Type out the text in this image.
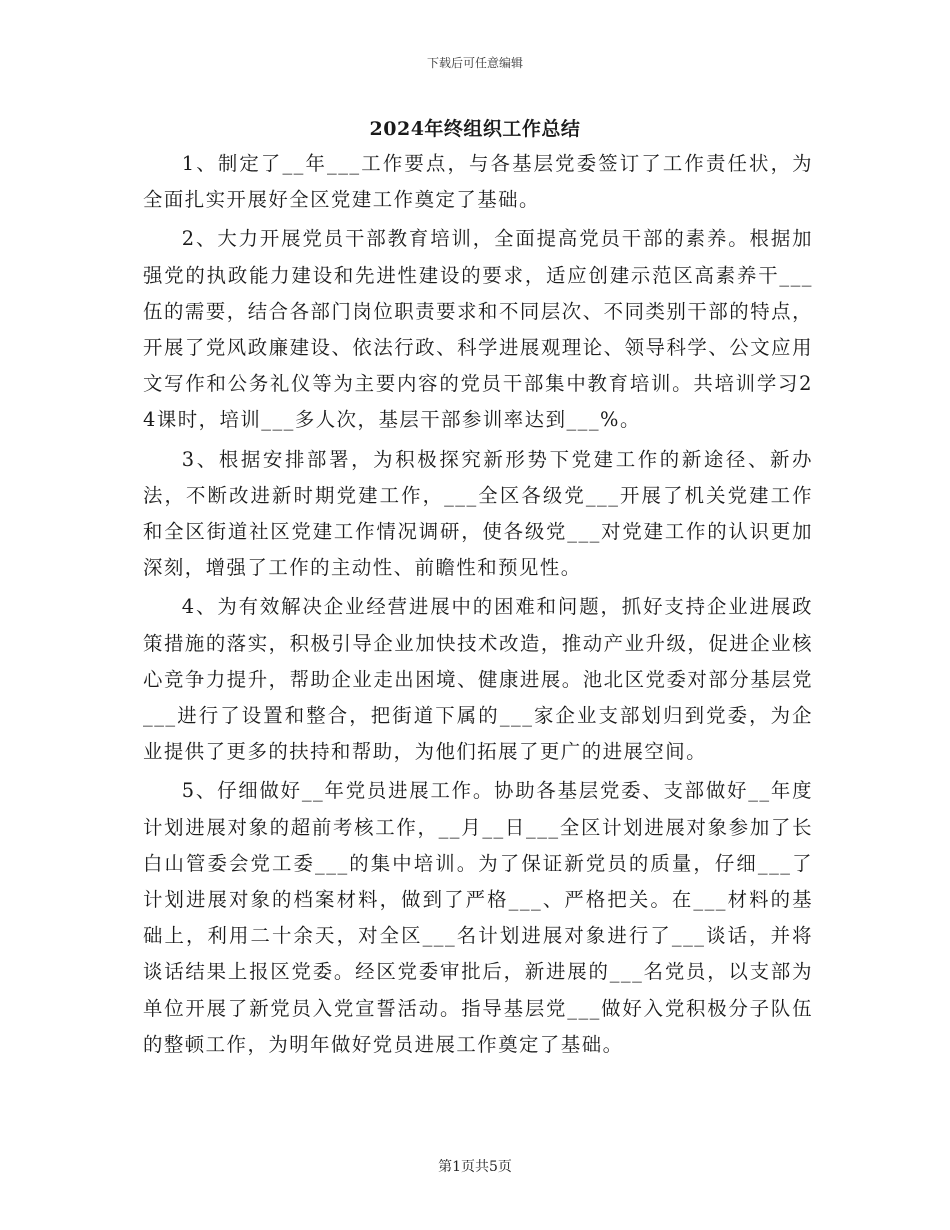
下载后可任意编辑
2024年终组织工作总结

1、制定了__年___工作要点，与各基层党委签订了工作责任状，为全面扎实开展好全区党建工作奠定了基础。

2、大力开展党员干部教育培训，全面提高党员干部的素养。根据加强党的执政能力建设和先进性建设的要求，适应创建示范区高素养干___伍的需要，结合各部门岗位职责要求和不同层次、不同类别干部的特点，开展了党风政廉建设、依法行政、科学进展观理论、领导科学、公文应用文写作和公务礼仪等为主要内容的党员干部集中教育培训。共培训学习24课时，培训___多人次，基层干部参训率达到___%。

3、根据安排部署，为积极探究新形势下党建工作的新途径、新办法，不断改进新时期党建工作，___全区各级党___开展了机关党建工作和全区街道社区党建工作情况调研，使各级党___对党建工作的认识更加深刻，增强了工作的主动性、前瞻性和预见性。

4、为有效解决企业经营进展中的困难和问题，抓好支持企业进展政策措施的落实，积极引导企业加快技术改造，推动产业升级，促进企业核心竞争力提升，帮助企业走出困境、健康进展。池北区党委对部分基层党___进行了设置和整合，把街道下属的___家企业支部划归到党委，为企业提供了更多的扶持和帮助，为他们拓展了更广的进展空间。

5、仔细做好__年党员进展工作。协助各基层党委、支部做好__年度计划进展对象的超前考核工作，__月__日___全区计划进展对象参加了长白山管委会党工委___的集中培训。为了保证新党员的质量，仔细___了计划进展对象的档案材料，做到了严格___、严格把关。在___材料的基础上，利用二十余天，对全区___名计划进展对象进行了___谈话，并将谈话结果上报区党委。经区党委审批后，新进展的___名党员，以支部为单位开展了新党员入党宣誓活动。指导基层党___做好入党积极分子队伍的整顿工作，为明年做好党员进展工作奠定了基础。

第1页共5页
